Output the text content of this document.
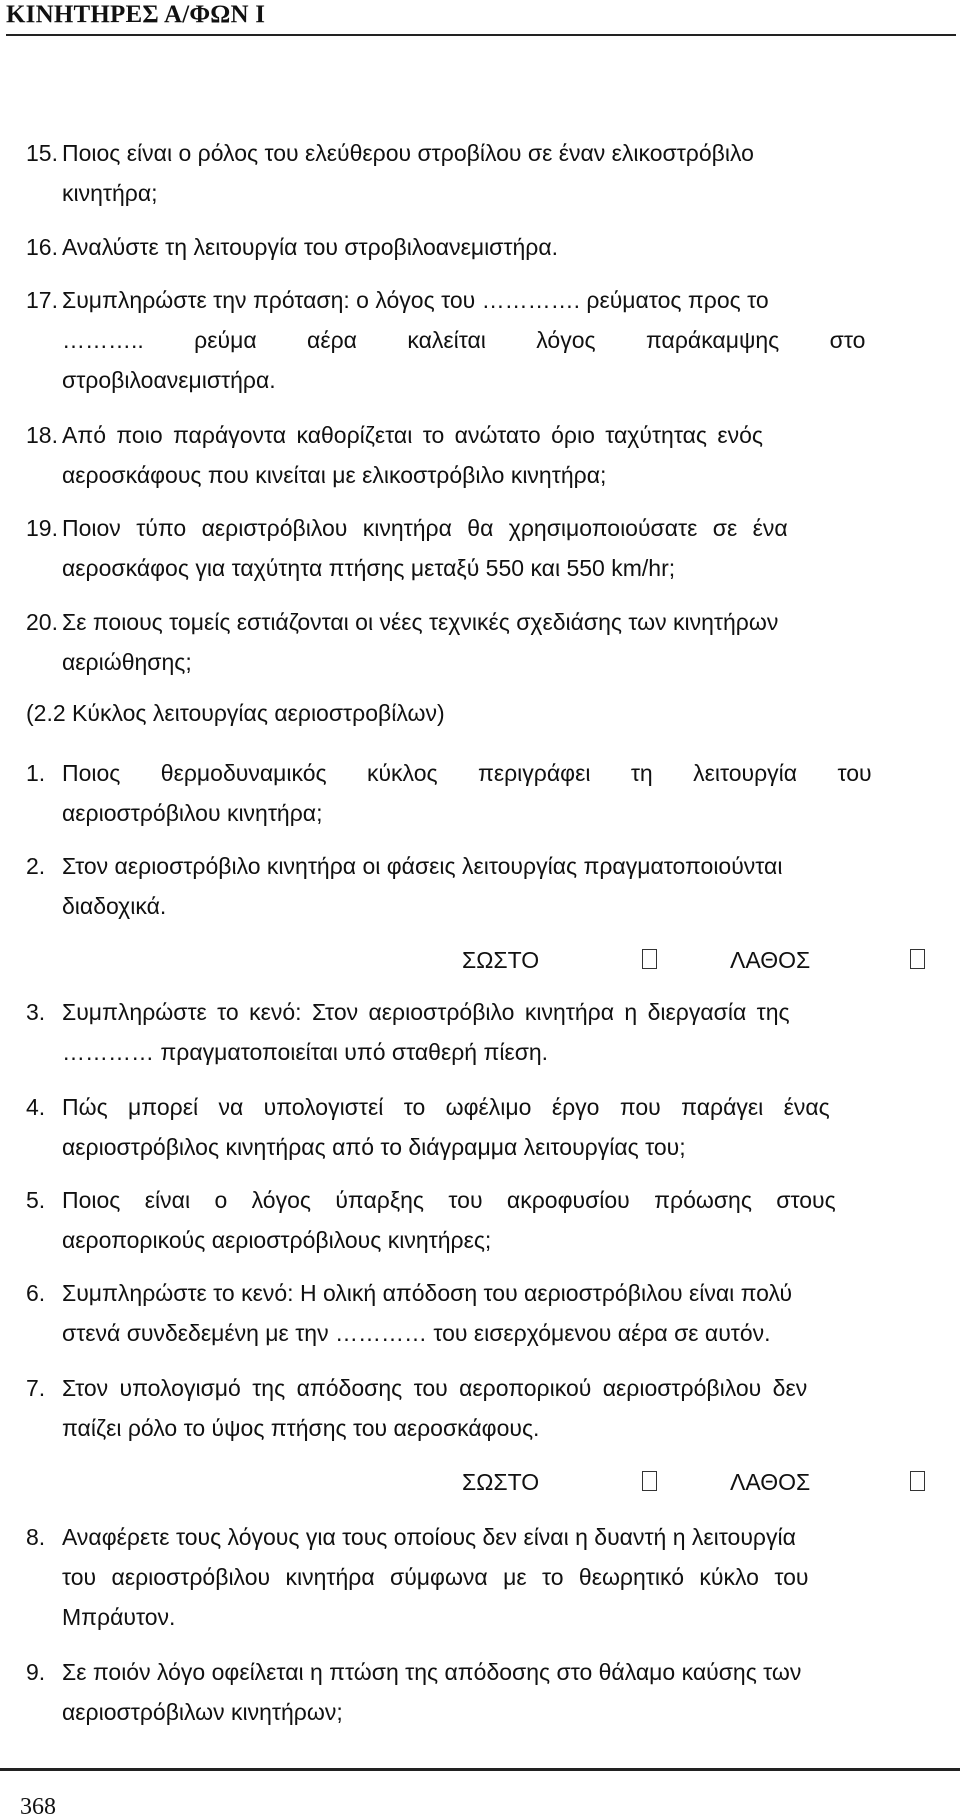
ΚΙΝΗΤΗΡΕΣ Α/ΦΩΝ Ι
15. Ποιος είναι ο ρόλος του ελεύθερου στροβίλου σε έναν ελικοστρόβιλο
κινητήρα;
16. Αναλύστε τη λειτουργία του στροβιλοανεμιστήρα.
17. Συμπληρώστε την πρόταση: ο λόγος του …………. ρεύματος προς το
……….. ρεύμα αέρα καλείται λόγος παράκαμψης στο
στροβιλοανεμιστήρα.
18. Από ποιο παράγοντα καθορίζεται το ανώτατο όριο ταχύτητας ενός
αεροσκάφους που κινείται με ελικοστρόβιλο κινητήρα;
19. Ποιον τύπο αεριστρόβιλου κινητήρα θα χρησιμοποιούσατε σε ένα
αεροσκάφος για ταχύτητα πτήσης μεταξύ 550 και 550 km/hr;
20. Σε ποιους τομείς εστιάζονται οι νέες τεχνικές σχεδιάσης των κινητήρων
αεριώθησης;
(2.2 Κύκλος λειτουργίας αεριοστροβίλων)
1. Ποιος θερμοδυναμικός κύκλος περιγράφει τη λειτουργία του
αεριοστρόβιλου κινητήρα;
2. Στον αεριοστρόβιλο κινητήρα οι φάσεις λειτουργίας πραγματοποιούνται
διαδοχικά.
ΣΩΣΤΟ	ΛΑΘΟΣ
3. Συμπληρώστε το κενό: Στον αεριοστρόβιλο κινητήρα η διεργασία της
………… πραγματοποιείται υπό σταθερή πίεση.
4. Πώς μπορεί να υπολογιστεί το ωφέλιμο έργο που παράγει ένας
αεριοστρόβιλος κινητήρας από το διάγραμμα λειτουργίας του;
5. Ποιος είναι ο λόγος ύπαρξης του ακροφυσίου πρόωσης στους
αεροπορικούς αεριοστρόβιλους κινητήρες;
6. Συμπληρώστε το κενό: Η ολική απόδοση του αεριοστρόβιλου είναι πολύ
στενά συνδεδεμένη με την ………… του εισερχόμενου αέρα σε αυτόν.
7. Στον υπολογισμό της απόδοσης του αεροπορικού αεριοστρόβιλου δεν
παίζει ρόλο το ύψος πτήσης του αεροσκάφους.
ΣΩΣΤΟ	ΛΑΘΟΣ
8. Αναφέρετε τους λόγους για τους οποίους δεν είναι η δυαντή η λειτουργία
του αεριοστρόβιλου κινητήρα σύμφωνα με το θεωρητικό κύκλο του
Μπράυτον.
9. Σε ποιόν λόγο οφείλεται η πτώση της απόδοσης στο θάλαμο καύσης των
αεριοστρόβιλων κινητήρων;
368
